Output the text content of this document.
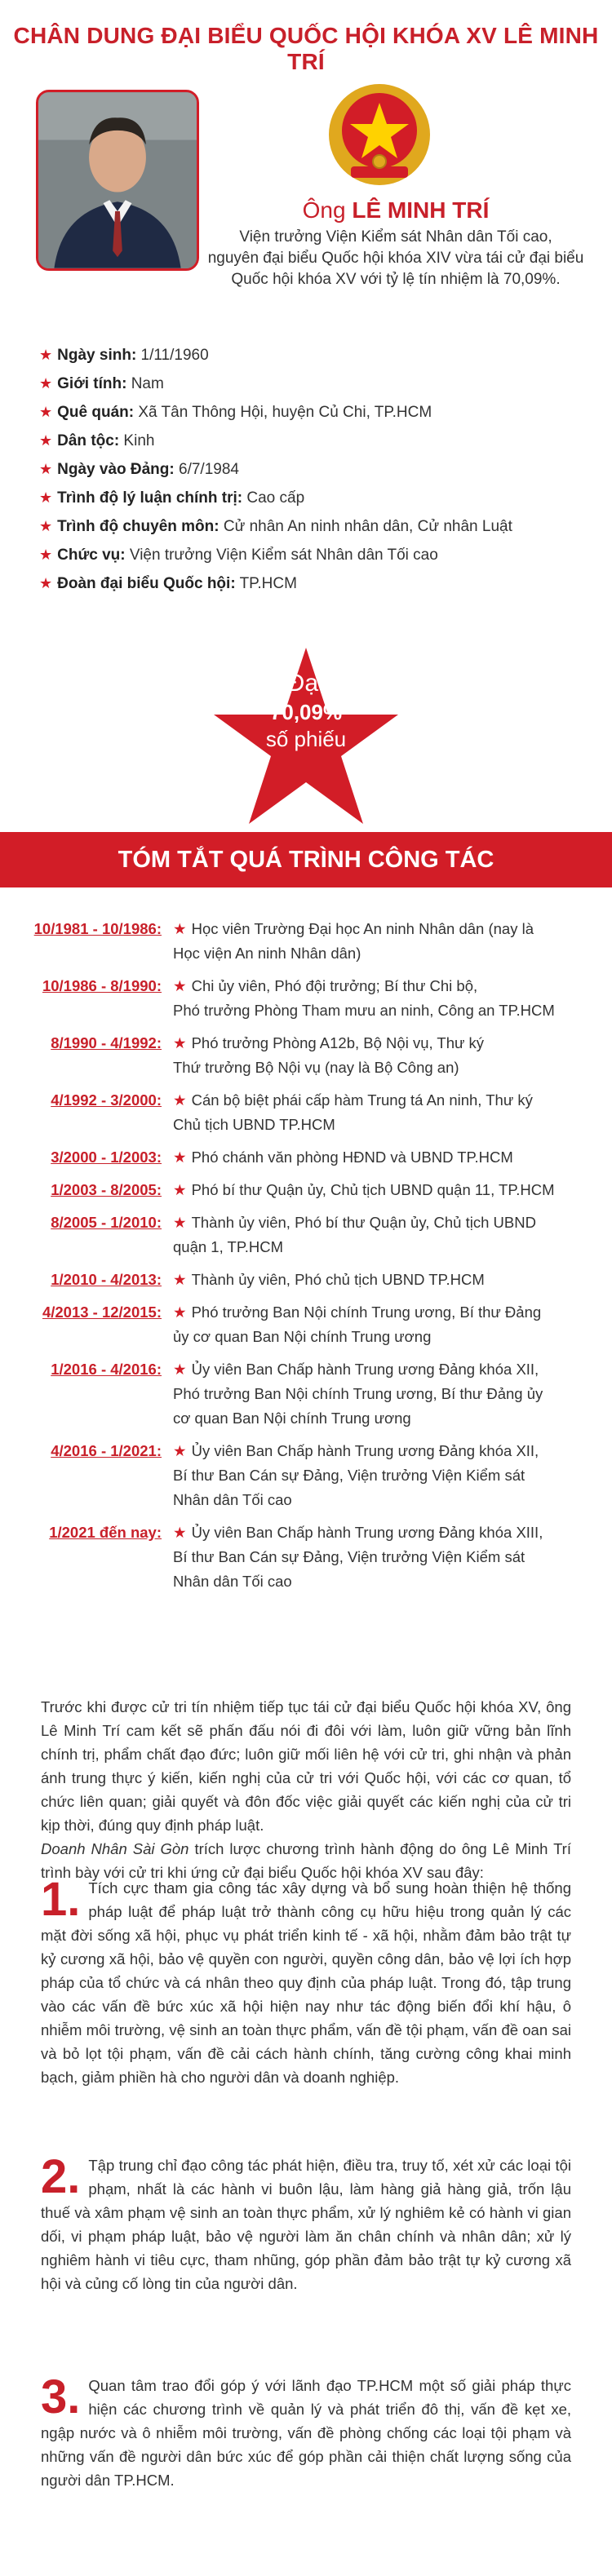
CHÂN DUNG ĐẠI BIỂU QUỐC HỘI KHÓA XV LÊ MINH TRÍ
Ông LÊ MINH TRÍ
Viện trưởng Viện Kiểm sát Nhân dân Tối cao,
nguyên đại biểu Quốc hội khóa XIV vừa tái cử đại biểu
Quốc hội khóa XV với tỷ lệ tín nhiệm là 70,09%.
★ Ngày sinh: 1/11/1960
★ Giới tính: Nam
★ Quê quán: Xã Tân Thông Hội, huyện Củ Chi, TP.HCM
★ Dân tộc: Kinh
★ Ngày vào Đảng: 6/7/1984
★ Trình độ lý luận chính trị: Cao cấp
★ Trình độ chuyên môn: Cử nhân An ninh nhân dân, Cử nhân Luật
★ Chức vụ: Viện trưởng Viện Kiểm sát Nhân dân Tối cao
★ Đoàn đại biểu Quốc hội: TP.HCM
Đạt
70,09%
số phiếu
TÓM TẮT QUÁ TRÌNH CÔNG TÁC
10/1981 - 10/1986: ★ Học viên Trường Đại học An ninh Nhân dân (nay là
Học viện An ninh Nhân dân)
10/1986 - 8/1990: ★ Chi ủy viên, Phó đội trưởng; Bí thư Chi bộ,
Phó trưởng Phòng Tham mưu an ninh, Công an TP.HCM
8/1990 - 4/1992: ★ Phó trưởng Phòng A12b, Bộ Nội vụ, Thư ký
Thứ trưởng Bộ Nội vụ (nay là Bộ Công an)
4/1992 - 3/2000: ★ Cán bộ biệt phái cấp hàm Trung tá An ninh, Thư ký
Chủ tịch UBND TP.HCM
3/2000 - 1/2003: ★ Phó chánh văn phòng HĐND và UBND TP.HCM
1/2003 - 8/2005: ★ Phó bí thư Quận ủy, Chủ tịch UBND quận 11, TP.HCM
8/2005 - 1/2010: ★ Thành ủy viên, Phó bí thư Quận ủy, Chủ tịch UBND
quận 1, TP.HCM
1/2010 - 4/2013: ★ Thành ủy viên, Phó chủ tịch UBND TP.HCM
4/2013 - 12/2015: ★ Phó trưởng Ban Nội chính Trung ương, Bí thư Đảng
ủy cơ quan Ban Nội chính Trung ương
1/2016 - 4/2016: ★ Ủy viên Ban Chấp hành Trung ương Đảng khóa XII,
Phó trưởng Ban Nội chính Trung ương, Bí thư Đảng ủy
cơ quan Ban Nội chính Trung ương
4/2016 - 1/2021: ★ Ủy viên Ban Chấp hành Trung ương Đảng khóa XII,
Bí thư Ban Cán sự Đảng, Viện trưởng Viện Kiểm sát
Nhân dân Tối cao
1/2021 đến nay: ★ Ủy viên Ban Chấp hành Trung ương Đảng khóa XIII,
Bí thư Ban Cán sự Đảng, Viện trưởng Viện Kiểm sát
Nhân dân Tối cao
Trước khi được cử tri tín nhiệm tiếp tục tái cử đại biểu Quốc hội khóa XV, ông Lê Minh Trí cam kết sẽ phấn đấu nói đi đôi với làm, luôn giữ vững bản lĩnh chính trị, phẩm chất đạo đức; luôn giữ mối liên hệ với cử tri, ghi nhận và phản ánh trung thực ý kiến, kiến nghị của cử tri với Quốc hội, với các cơ quan, tổ chức liên quan; giải quyết và đôn đốc việc giải quyết các kiến nghị của cử tri kịp thời, đúng quy định pháp luật.
Doanh Nhân Sài Gòn trích lược chương trình hành động do ông Lê Minh Trí trình bày với cử tri khi ứng cử đại biểu Quốc hội khóa XV sau đây:
1. Tích cực tham gia công tác xây dựng và bổ sung hoàn thiện hệ thống pháp luật để pháp luật trở thành công cụ hữu hiệu trong quản lý các mặt đời sống xã hội, phục vụ phát triển kinh tế - xã hội, nhằm đảm bảo trật tự kỷ cương xã hội, bảo vệ quyền con người, quyền công dân, bảo vệ lợi ích hợp pháp của tổ chức và cá nhân theo quy định của pháp luật. Trong đó, tập trung vào các vấn đề bức xúc xã hội hiện nay như tác động biến đổi khí hậu, ô nhiễm môi trường, vệ sinh an toàn thực phẩm, vấn đề tội phạm, vấn đề oan sai và bỏ lọt tội phạm, vấn đề cải cách hành chính, tăng cường công khai minh bạch, giảm phiền hà cho người dân và doanh nghiệp.
2. Tập trung chỉ đạo công tác phát hiện, điều tra, truy tố, xét xử các loại tội phạm, nhất là các hành vi buôn lậu, làm hàng giả hàng giả, trốn lậu thuế và xâm phạm vệ sinh an toàn thực phẩm, xử lý nghiêm kẻ có hành vi gian dối, vi phạm pháp luật, bảo vệ người làm ăn chân chính và nhân dân; xử lý nghiêm hành vi tiêu cực, tham nhũng, góp phần đảm bảo trật tự kỷ cương xã hội và củng cố lòng tin của người dân.
3. Quan tâm trao đổi góp ý với lãnh đạo TP.HCM một số giải pháp thực hiện các chương trình về quản lý và phát triển đô thị, vấn đề kẹt xe, ngập nước và ô nhiễm môi trường, vấn đề phòng chống các loại tội phạm và những vấn đề người dân bức xúc để góp phần cải thiện chất lượng sống của người dân TP.HCM.
